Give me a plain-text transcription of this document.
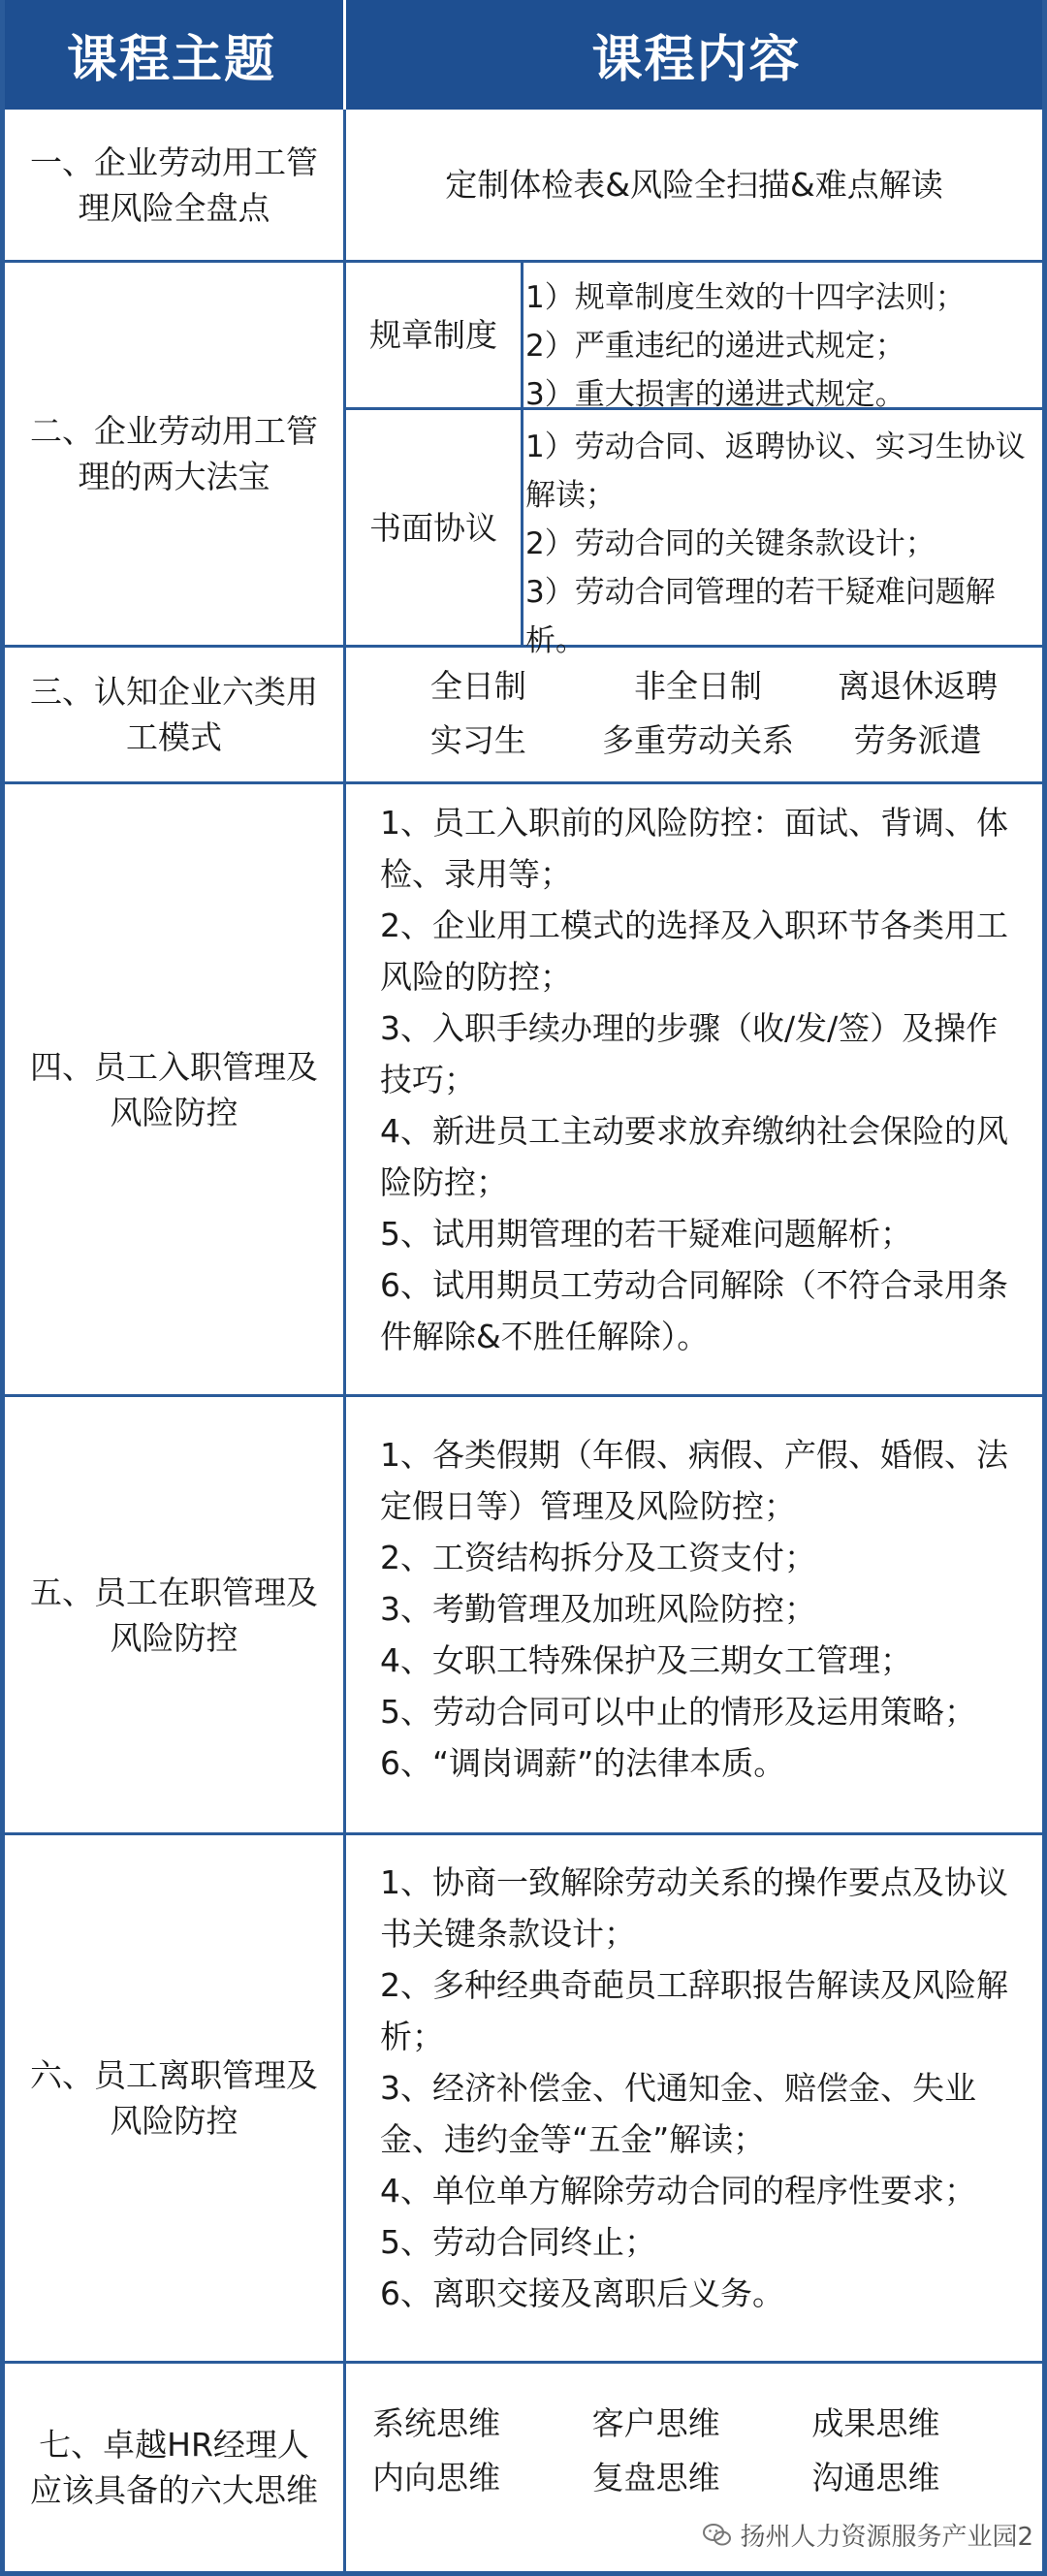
课程主题	课程内容
一、企业劳动用工管理风险全盘点
定制体检表&风险全扫描&难点解读
二、企业劳动用工管理的两大法宝
规章制度
1）规章制度生效的十四字法则；
2）严重违纪的递进式规定；
3）重大损害的递进式规定。
书面协议
1）劳动合同、返聘协议、实习生协议解读；
2）劳动合同的关键条款设计；
3）劳动合同管理的若干疑难问题解析。
三、认知企业六类用工模式
全日制	非全日制	离退休返聘
实习生	多重劳动关系	劳务派遣
四、员工入职管理及风险防控
1、员工入职前的风险防控：面试、背调、体检、录用等；
2、企业用工模式的选择及入职环节各类用工风险的防控；
3、入职手续办理的步骤（收/发/签）及操作技巧；
4、新进员工主动要求放弃缴纳社会保险的风险防控；
5、试用期管理的若干疑难问题解析；
6、试用期员工劳动合同解除（不符合录用条件解除&不胜任解除）。
五、员工在职管理及风险防控
1、各类假期（年假、病假、产假、婚假、法定假日等）管理及风险防控；
2、工资结构拆分及工资支付；
3、考勤管理及加班风险防控；
4、女职工特殊保护及三期女工管理；
5、劳动合同可以中止的情形及运用策略；
6、“调岗调薪”的法律本质。
六、员工离职管理及风险防控
1、协商一致解除劳动关系的操作要点及协议书关键条款设计；
2、多种经典奇葩员工辞职报告解读及风险解析；
3、经济补偿金、代通知金、赔偿金、失业金、违约金等“五金”解读；
4、单位单方解除劳动合同的程序性要求；
5、劳动合同终止；
6、离职交接及离职后义务。
七、卓越HR经理人应该具备的六大思维
系统思维	客户思维	成果思维
内向思维	复盘思维	沟通思维
扬州人力资源服务产业园2
